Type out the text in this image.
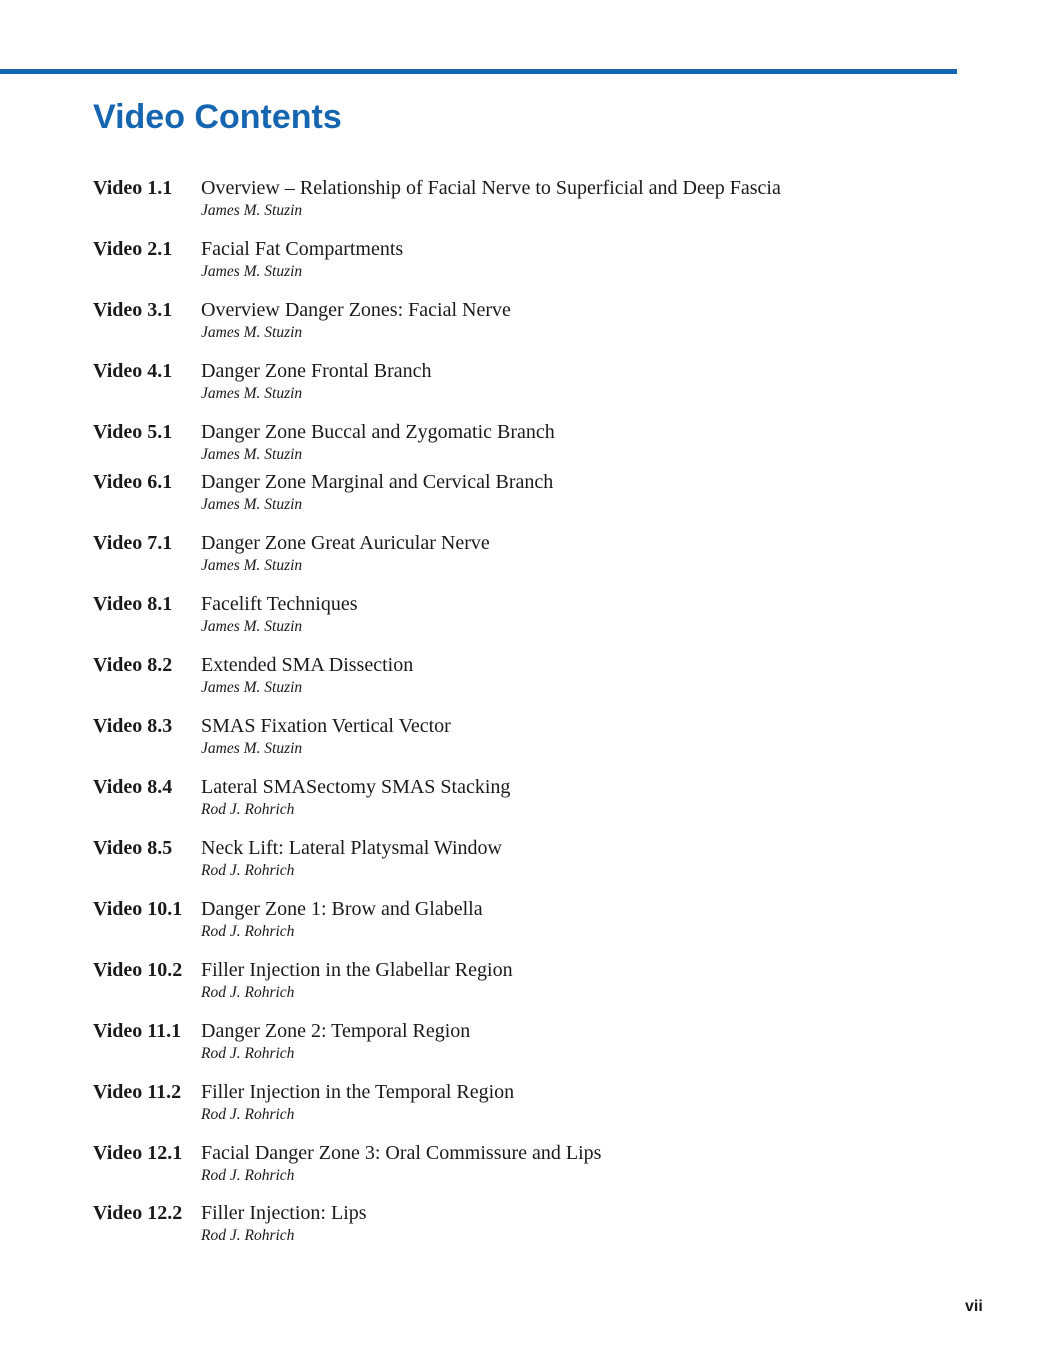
Video Contents
Video 1.1 Overview – Relationship of Facial Nerve to Superficial and Deep Fascia
James M. Stuzin
Video 2.1 Facial Fat Compartments
James M. Stuzin
Video 3.1 Overview Danger Zones: Facial Nerve
James M. Stuzin
Video 4.1 Danger Zone Frontal Branch
James M. Stuzin
Video 5.1 Danger Zone Buccal and Zygomatic Branch
James M. Stuzin
Video 6.1 Danger Zone Marginal and Cervical Branch
James M. Stuzin
Video 7.1 Danger Zone Great Auricular Nerve
James M. Stuzin
Video 8.1 Facelift Techniques
James M. Stuzin
Video 8.2 Extended SMA Dissection
James M. Stuzin
Video 8.3 SMAS Fixation Vertical Vector
James M. Stuzin
Video 8.4 Lateral SMASectomy SMAS Stacking
Rod J. Rohrich
Video 8.5 Neck Lift: Lateral Platysmal Window
Rod J. Rohrich
Video 10.1 Danger Zone 1: Brow and Glabella
Rod J. Rohrich
Video 10.2 Filler Injection in the Glabellar Region
Rod J. Rohrich
Video 11.1 Danger Zone 2: Temporal Region
Rod J. Rohrich
Video 11.2 Filler Injection in the Temporal Region
Rod J. Rohrich
Video 12.1 Facial Danger Zone 3: Oral Commissure and Lips
Rod J. Rohrich
Video 12.2 Filler Injection: Lips
Rod J. Rohrich
vii
